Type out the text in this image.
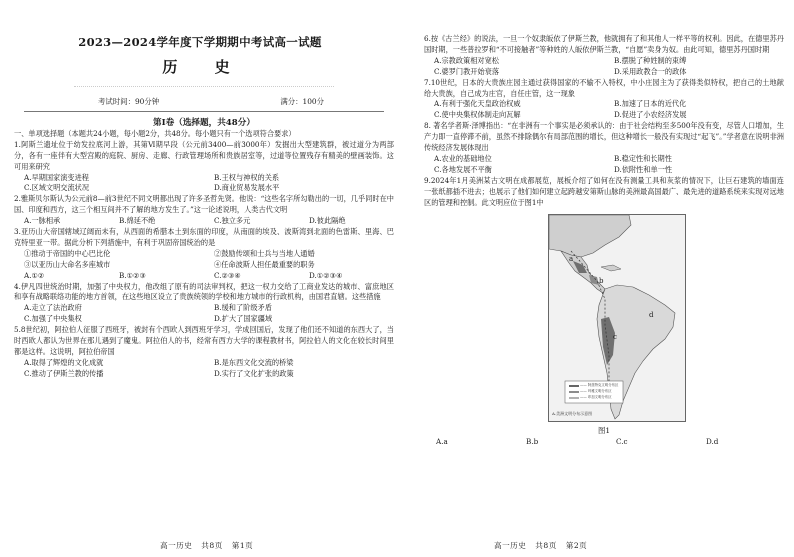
2023—2024学年度下学期期中考试高一试题
历 史
考试时间：90分钟	满分：100分
第Ⅰ卷（选择题，共48分）
一、单项选择题（本题共24小题，每小题2分，共48分。每小题只有一个选项符合要求）
1.阿斯兰遗址位于幼发拉底河上游，其第Ⅵ期早段（公元前3400—前3000年）发掘出大型建筑群，被过道分为两部分，各有一座伴有大型宫殿的庭院、厨房、走廊、行政管理场所和贵族居室等，过道等位置残存有精美的壁画装饰。这可用来研究
A.早期国家演变进程	B.王权与神权的关系
C.区域文明交流状况	D.商业贸易发展水平
2.雅斯贝尔斯认为公元前8—前3世纪不同文明都出现了许多圣哲先贤。他说：“这些名字所勾勒出的一切，几乎同时在中国、印度和西方，这三个相互间并不了解的地方发生了。”这一论述说明，人类古代文明
A.一脉相承	B.绵延不绝	C.独立多元	D.彼此隔绝
3.亚历山大帝国辖域辽阔而未有，从西面的希腊本土到东面的印度，从南面的埃及、波斯湾到北面的色雷斯、里海、巴克特里亚一带。据此分析下列措施中，有利于巩固帝国统治的是
①推动于帝国的中心巴比伦	②鼓励传颂和士兵与当地人通婚
③以亚历山大命名多座城市	④任命波斯人担任最重要的职务
A.①②	B.①②③	C.②③④	D.①②③④
4.伊凡四世统治时期，加强了中央权力，他改组了原有的司法审判权，把这一权力交给了工商业发达的城市、富庶地区和享有战略联络功能的地方首领，在这些地区设立了贵族统领的学校和地方城市的行政机构，由国君直辖。这些措施
A.走立了法治政府	B.缓和了阶级矛盾
C.加强了中央集权	D.扩大了国家疆域
5.8世纪初，阿拉伯人征服了西班牙，被封有个西欧人到西班牙学习，学成回国后，发现了他们还不知道的东西大了，当时西欧人都认为世界在那儿遇到了魔鬼。阿拉伯人的书，经常有西方大学的课程教材书，阿拉伯人的文化在较长时间里都是这样。这说明，阿拉伯帝国
A.取得了辉煌的文化成就	B.是东西文化交流的桥梁
C.推动了伊斯兰教的传播	D.实行了文化扩张的政策
高一历史 共8页 第1页
6.按《古兰经》的说法，一旦一个奴隶皈依了伊斯兰教，他就拥有了和其他人一样平等的权利。因此，在德里苏丹国时期，一些普拉罗和“不可接触者”等种姓的人皈依伊斯兰教，“自愿”卖身为奴。由此可知，德里苏丹国时期
A.宗教政策相对宽松	B.摆脱了种姓制的束缚
C.婆罗门教开始衰落	D.采用政教合一的政体
7.10世纪，日本的大贵族庄园主通过获得国家的不输不入特权，中小庄园主为了获得类似特权，把自己的土地献给大贵族，自己成为庄官，自任庄管，这一现象
A.有利于强化天皇政治权威	B.加速了日本的近代化
C.使中央集权体制走向瓦解	D.促进了小农经济发展
8. 著名学者斯·泽博指出：“在非洲有一个事实是必须承认的：由于社会结构至多500年没有变，尽管人口增加，生产力即一直停滞不前，虽然不排除偶尔有局部范围的增长，但这种增长一般没有实现过“起飞”。”学者意在说明非洲传统经济发展体现出
A.农业的基础地位	B.稳定性和长期性
C.各地发展不平衡	D.依附性和单一性
9.2024年1月美洲某古文明在成都展览，展板介绍了如何在没有测量工具和灰浆的情况下，让巨石建筑的墙面连一张纸都插不进去；也展示了他们如何建立起跨越安第斯山脉的美洲最高国最广、最先进的道路系统来实现对远地区的管理和控制。此文明应位于图1中
a
b
c
d
—— 阿兹特克文明分布区
—— 玛雅文明分布区
—— 印加文明分布区
A.美洲文明分布示意图
图1
A.a	B.b	C.c	D.d
高一历史 共8页 第2页
